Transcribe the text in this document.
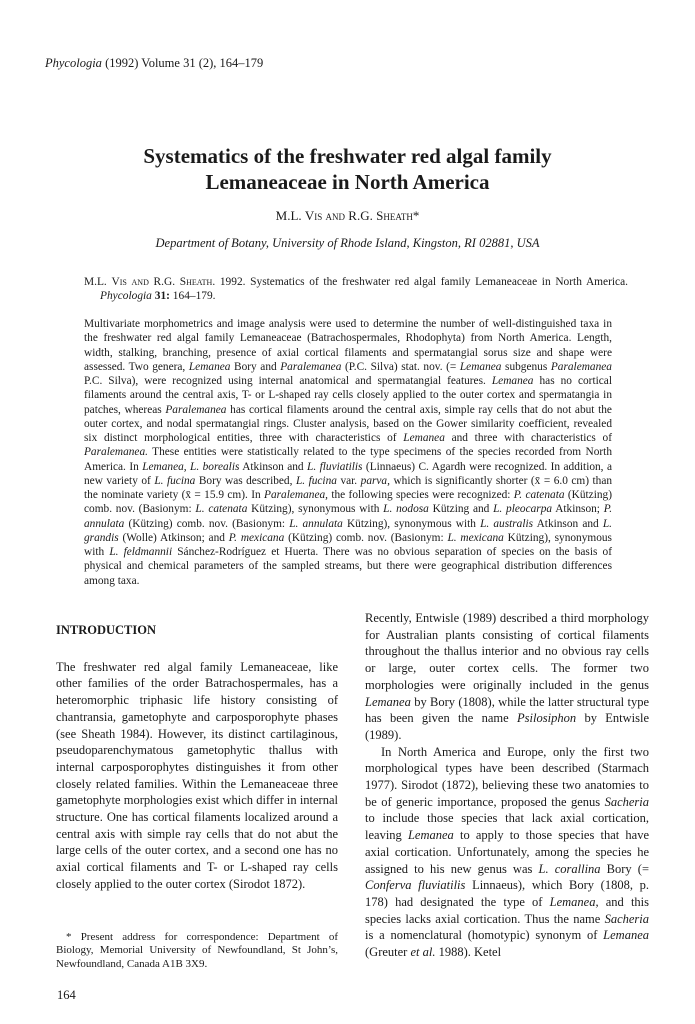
Phycologia (1992) Volume 31 (2), 164–179
Systematics of the freshwater red algal family
Lemaneaceae in North America
M.L. Vis and R.G. Sheath*
Department of Botany, University of Rhode Island, Kingston, RI 02881, USA
M.L. Vis and R.G. Sheath. 1992. Systematics of the freshwater red algal family Lemaneaceae in North America. Phycologia 31: 164–179.
Multivariate morphometrics and image analysis were used to determine the number of well-distinguished taxa in the freshwater red algal family Lemaneaceae (Batrachospermales, Rhodophyta) from North America. Length, width, stalking, branching, presence of axial cortical filaments and spermatangial sorus size and shape were assessed. Two genera, Lemanea Bory and Paralemanea (P.C. Silva) stat. nov. (= Lemanea subgenus Paralemanea P.C. Silva), were recognized using internal anatomical and spermatangial features. Lemanea has no cortical filaments around the central axis, T- or L-shaped ray cells closely applied to the outer cortex and spermatangia in patches, whereas Paralemanea has cortical filaments around the central axis, simple ray cells that do not abut the outer cortex, and nodal spermatangial rings. Cluster analysis, based on the Gower similarity coefficient, revealed six distinct morphological entities, three with characteristics of Lemanea and three with characteristics of Paralemanea. These entities were statistically related to the type specimens of the species recorded from North America. In Lemanea, L. borealis Atkinson and L. fluviatilis (Linnaeus) C. Agardh were recognized. In addition, a new variety of L. fucina Bory was described, L. fucina var. parva, which is significantly shorter (x̄ = 6.0 cm) than the nominate variety (x̄ = 15.9 cm). In Paralemanea, the following species were recognized: P. catenata (Kützing) comb. nov. (Basionym: L. catenata Kützing), synonymous with L. nodosa Kützing and L. pleocarpa Atkinson; P. annulata (Kützing) comb. nov. (Basionym: L. annulata Kützing), synonymous with L. australis Atkinson and L. grandis (Wolle) Atkinson; and P. mexicana (Kützing) comb. nov. (Basionym: L. mexicana Kützing), synonymous with L. feldmannii Sánchez-Rodríguez et Huerta. There was no obvious separation of species on the basis of physical and chemical parameters of the sampled streams, but there were geographical distribution differences among taxa.
INTRODUCTION

The freshwater red algal family Lemaneaceae, like other families of the order Batrachospermales, has a heteromorphic triphasic life history consisting of chantransia, gametophyte and carposporophyte phases (see Sheath 1984). However, its distinct cartilaginous, pseudoparenchymatous gametophytic thallus with internal carposporophytes distinguishes it from other closely related families. Within the Lemaneaceae three gametophyte morphologies exist which differ in internal structure. One has cortical filaments localized around a central axis with simple ray cells that do not abut the large cells of the outer cortex, and a second one has no axial cortical filaments and T- or L-shaped ray cells closely applied to the outer cortex (Sirodot 1872).

Recently, Entwisle (1989) described a third morphology for Australian plants consisting of cortical filaments throughout the thallus interior and no obvious ray cells or large, outer cortex cells. The former two morphologies were originally included in the genus Lemanea by Bory (1808), while the latter structural type has been given the name Psilosiphon by Entwisle (1989).

In North America and Europe, only the first two morphological types have been described (Starmach 1977). Sirodot (1872), believing these two anatomies to be of generic importance, proposed the genus Sacheria to include those species that lack axial cortication, leaving Lemanea to apply to those species that have axial cortication. Unfortunately, among the species he assigned to his new genus was L. corallina Bory (= Conferva fluviatilis Linnaeus), which Bory (1808, p. 178) had designated the type of Lemanea, and this species lacks axial cortication. Thus the name Sacheria is a nomenclatural (homotypic) synonym of Lemanea (Greuter et al. 1988). Ketel

* Present address for correspondence: Department of Biology, Memorial University of Newfoundland, St John’s, Newfoundland, Canada A1B 3X9.
164
